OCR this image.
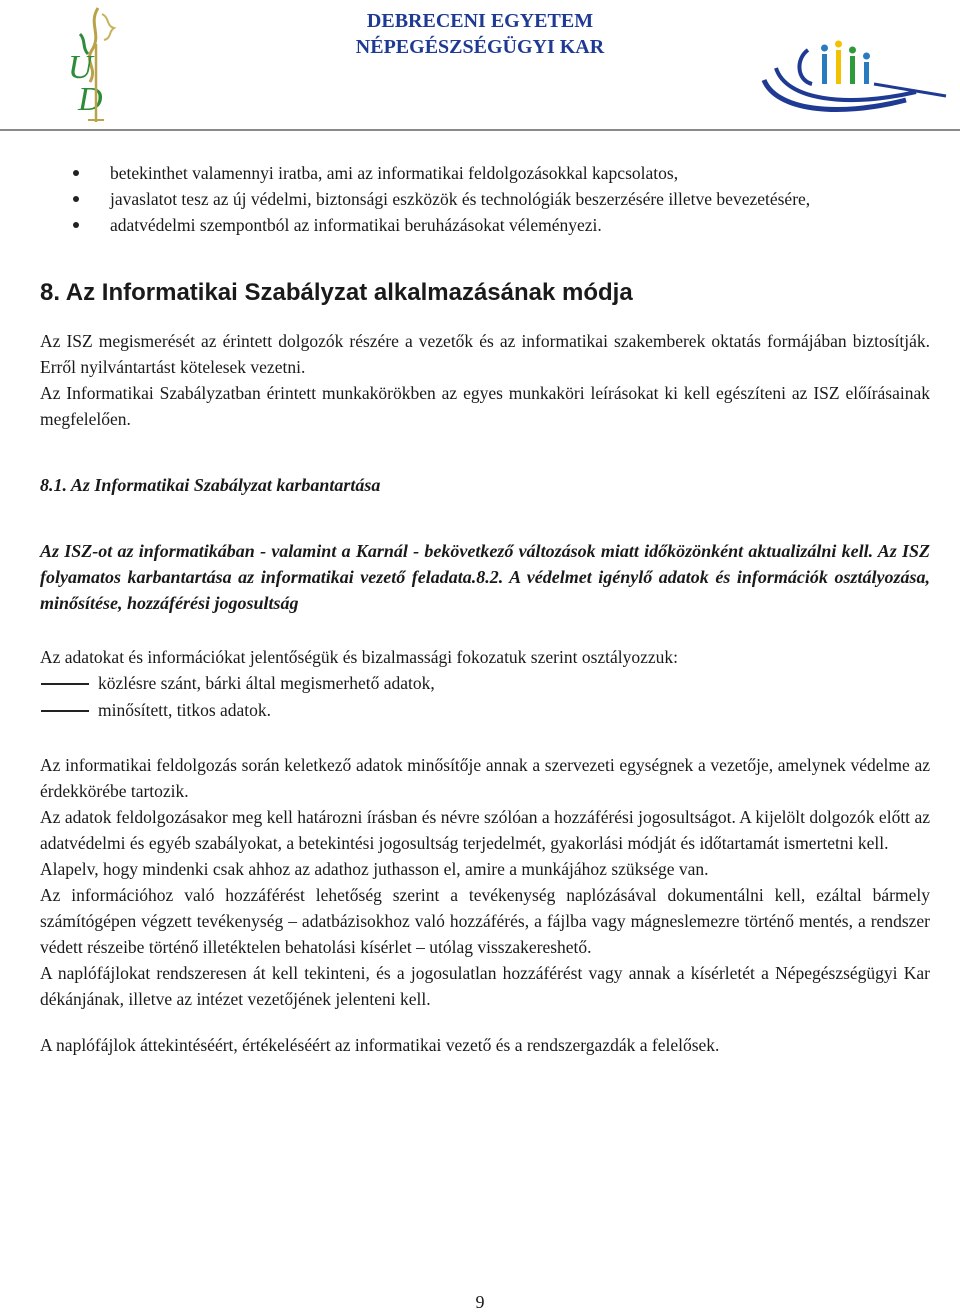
U
D
DEBRECENI EGYETEM
NÉPEGÉSZSÉGÜGYI KAR
betekinthet valamennyi iratba, ami az informatikai feldolgozásokkal kapcsolatos,
javaslatot tesz az új védelmi, biztonsági eszközök és technológiák beszerzésére illetve bevezetésére,
adatvédelmi szempontból az informatikai beruházásokat véleményezi.
8. Az Informatikai Szabályzat alkalmazásának módja

Az ISZ megismerését az érintett dolgozók részére a vezetők és az informatikai szakemberek oktatás formájában biztosítják. Erről nyilvántartást kötelesek vezetni.

Az Informatikai Szabályzatban érintett munkakörökben az egyes munkaköri leírásokat ki kell egészíteni az ISZ előírásainak megfelelően.

8.1. Az Informatikai Szabályzat karbantartása

Az ISZ-ot az informatikában - valamint a Karnál - bekövetkező változások miatt időközönként aktualizálni kell. Az ISZ folyamatos karbantartása az informatikai vezető feladata.8.2. A védelmet igénylő adatok és információk osztályozása, minősítése, hozzáférési jogosultság

Az adatokat és információkat jelentőségük és bizalmassági fokozatuk szerint osztályozzuk:

közlésre szánt, bárki által megismerhető adatok,
minősített, titkos adatok.

Az informatikai feldolgozás során keletkező adatok minősítője annak a szervezeti egységnek a vezetője, amelynek védelme az érdekkörébe tartozik.

Az adatok feldolgozásakor meg kell határozni írásban és névre szólóan a hozzáférési jogosultságot. A kijelölt dolgozók előtt az adatvédelmi és egyéb szabályokat, a betekintési jogosultság terjedelmét, gyakorlási módját és időtartamát ismertetni kell.

Alapelv, hogy mindenki csak ahhoz az adathoz juthasson el, amire a munkájához szüksége van.

Az információhoz való hozzáférést lehetőség szerint a tevékenység naplózásával dokumentálni kell, ezáltal bármely számítógépen végzett tevékenység – adatbázisokhoz való hozzáférés, a fájlba vagy mágneslemezre történő mentés, a rendszer védett részeibe történő illetéktelen behatolási kísérlet – utólag visszakereshető.

A naplófájlokat rendszeresen át kell tekinteni, és a jogosulatlan hozzáférést vagy annak a kísérletét a Népegészségügyi Kar dékánjának, illetve az intézet vezetőjének jelenteni kell.

A naplófájlok áttekintéséért, értékeléséért az informatikai vezető és a rendszergazdák a felelősek.

9
